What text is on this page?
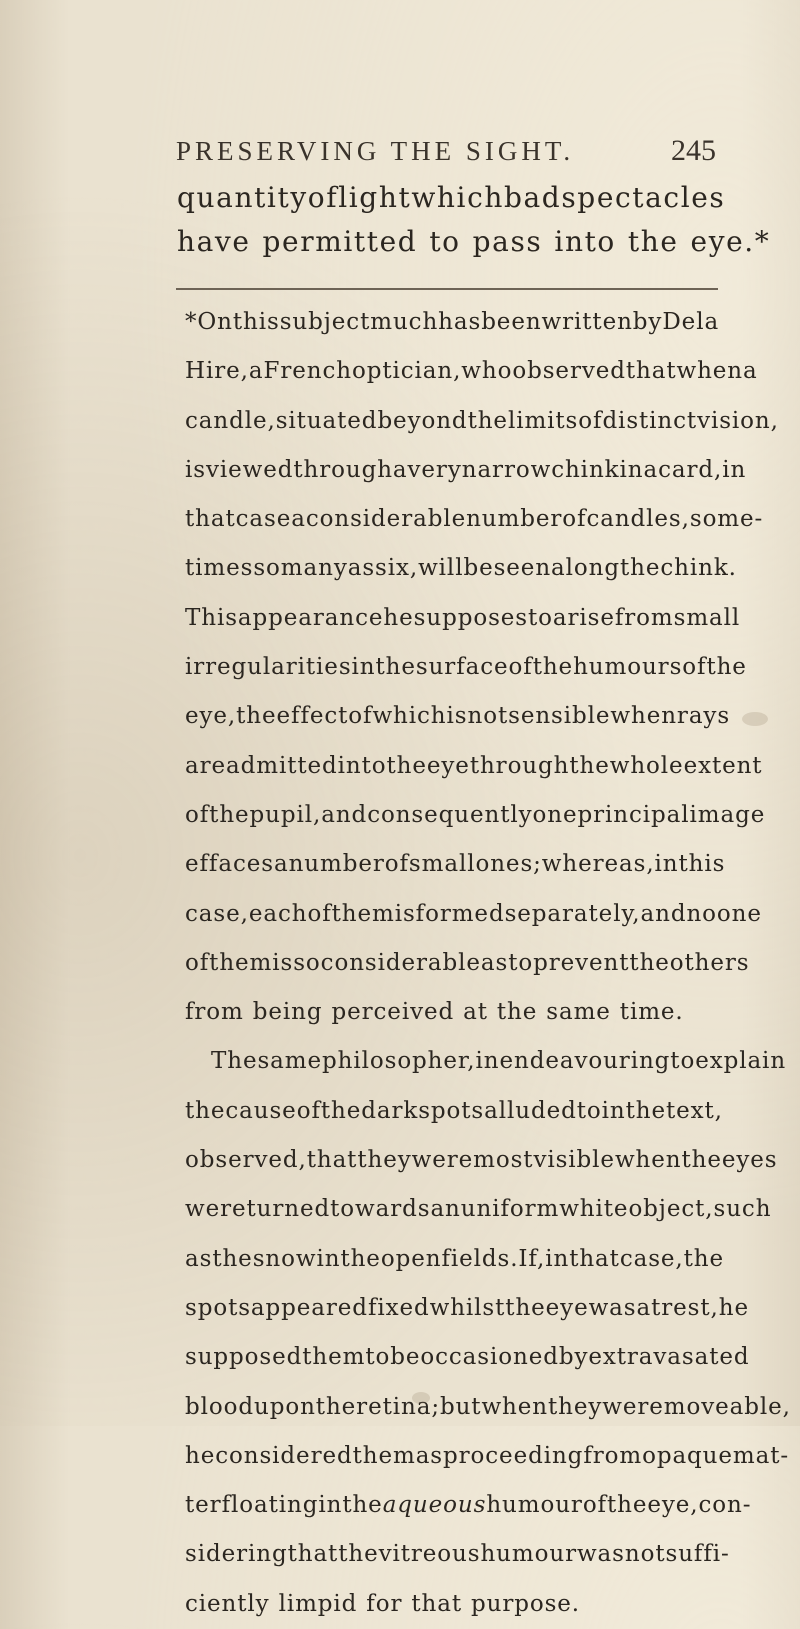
PRESERVING THE SIGHT.	245
quantity of light which bad spectacles
have permitted to pass into the eye.*
* On this subject much has been written by De la
Hire, a French optician, who observed that when a
candle, situated beyond the limits of distinct vision,
is viewed through a very narrow chink in a card, in
that case a considerable number of candles, some-
times so many as six, will be seen along the chink.
This appearance he supposes to arise from small
irregularities in the surface of the humours of the
eye, the effect of which is not sensible when rays
are admitted into the eye through the whole extent
of the pupil, and consequently one principal image
effaces a number of small ones; whereas, in this
case, each of them is formed separately, and no one
of them is so considerable as to prevent the others
from being perceived at the same time.
The same philosopher, in endeavouring to explain
the cause of the dark spots alluded to in the text,
observed, that they were most visible when the eyes
were turned towards an uniform white object, such
as the snow in the open fields. If, in that case, the
spots appeared fixed whilst the eye was at rest, he
supposed them to be occasioned by extravasated
blood upon the retina ; but when they were moveable,
he considered them as proceeding from opaque mat-
ter floating in the aqueous humour of the eye, con-
sidering that the vitreous humour was not suffi-
ciently limpid for that purpose.
